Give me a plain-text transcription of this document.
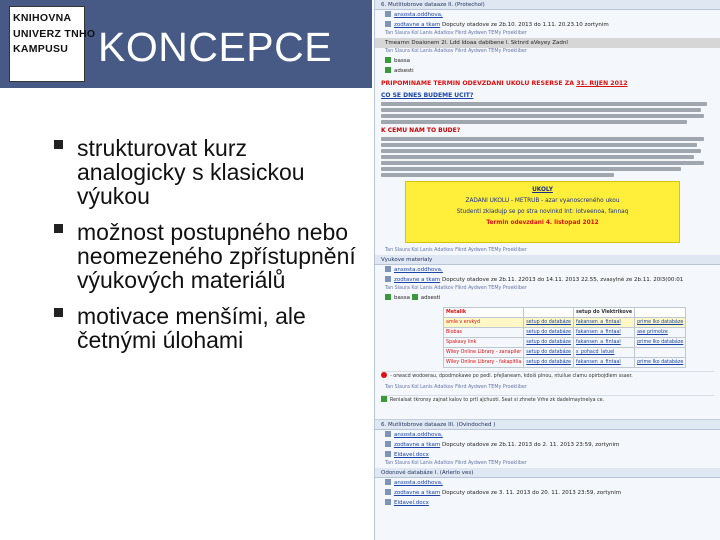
KNIHOVNA
UNIVERZ TNHO
KAMPUSU KONCEPCE
strukturovat kurz analogicky s klasickou výukou
možnost postupného nebo neomezeného zpřístupnění výukových materiálů
motivace menšími, ale četnými úlohami
6. Mutlitobrove dataaze II. (Protechol)
ansosta.oddhova,
zodtavne a tkam Dopcuty otadove ze 2b.10. 2013 do 1.11. 20.23.10 zortynim
Tan Slaura Kol Lanis Adatkov Fikrd Aydwen TEMy Proekliber
Tmearnn Doaionem 2l. Ldd ldoaa dabibene l. Sktnrd aVeyey Zadnl
Tan Slaura Kol Lanis Adatkov Fikrd Aydwen TEMy Proekliber
bassa
adsesti
PRIPOMINAME TERMIN ODEVZDANI UKOLU RESERSE ZA 31. RIJEN 2012
CO SE DNES BUDEME UCIT?
K CEMU NAM TO BUDE?
UKOLY
ZADANI UKOLU - METRUB - azar vyanoscreného ukou
Studenti zkladujp se po stra novinkd Int: lotveenoa, fannaq
Termin odevzdani 4. listopad 2012
Tan Slaura Kol Lanis Adatkov Fikrd Aydwen TEMy Proekliber
Vyukove materialy
ansosta.oddhova,
zodtavne a tkam Dopcuty otadove ze 2b.11. 22013 do 14.11. 2013 22.55, zvasylné ze 2b.11. 20l3(00:01
Tan Slaura Kol Lanis Adatkov Fikrd Aydwen TEMy Proekliber
bassa adsesti
Metalik		setup do Viektrikove	
amle v ervkyd	setup do databáze	fakansen_a_fintaal	prime Iko databáze
Biobas	setup do databáze	fakansen_a_fintaal	ase prímolze
Spakavy link	setup do databáze	fakansen_a_fintaal	prime Iko databáze
Wiley Online Library - zanapiler	setup do databáze	s_pohacd_latuel	
Wiley Online Library - fakapitlia	setup do databáze	fakansen_a_fintaal	prime Iko databáze
- orwacd wodoerau, dpodmokawe po pedl. přejlaneam, kdoiš plnou, ntuilue clamu opirbojdlem ssaer.
Tan Slaura Kol Lanis Adatkov Fikrd Aydwen TEMy Proekliber
Renialsat tkronsy zajnat kalov to prtl ajchuoti. Seat si zhnete Vrhe zk dadelmaytnelya ce.
6. Mutlitobrove dataaze III. (Ovindoched )
ansosta.oddhova,
zodtavne a tkam Dopcuty otadove ze 2b.11. 2013 do 2. 11. 2013 23:59, zortynim
Eldavel.docx
Tan Slaura Kol Lanis Adatkov Fikrd Aydwen TEMy Proekliber
Odonové databáze I. (Arlerlo ves)
ansosta.oddhova,
zodtavne a tkam Dopcuty otadove ze 3. 11. 2013 do 20. 11. 2013 23:59, zortynim
Eldavel.docx
